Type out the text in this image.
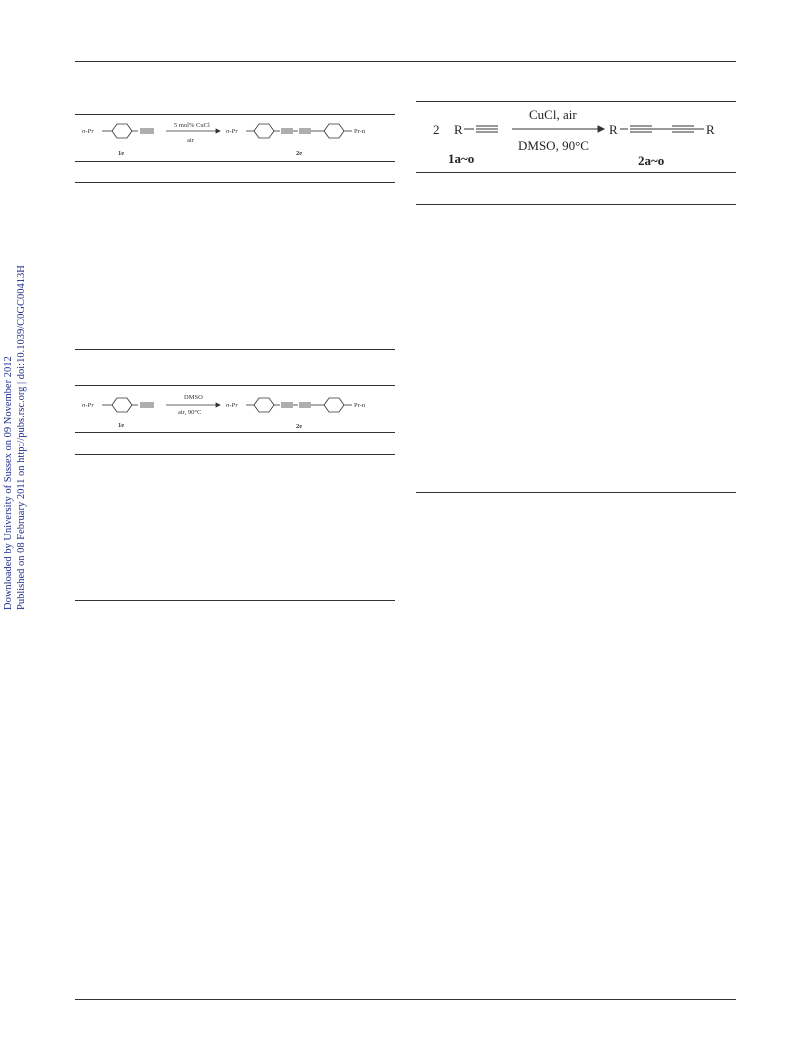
Downloaded by University of Sussex on 09 November 2012 Published on 08 February 2011 on http://pubs.rsc.org | doi:10.1039/C0GC00413H
n-Pr
5 mol% CuCl
air
n-Pr	Pr-n
1e	2e
n-Pr
DMSO
air, 90°C
n-Pr	Pr-n
1e	2e
2 R
CuCl, air
DMSO, 90°C
R	R
1a~o	2a~o
